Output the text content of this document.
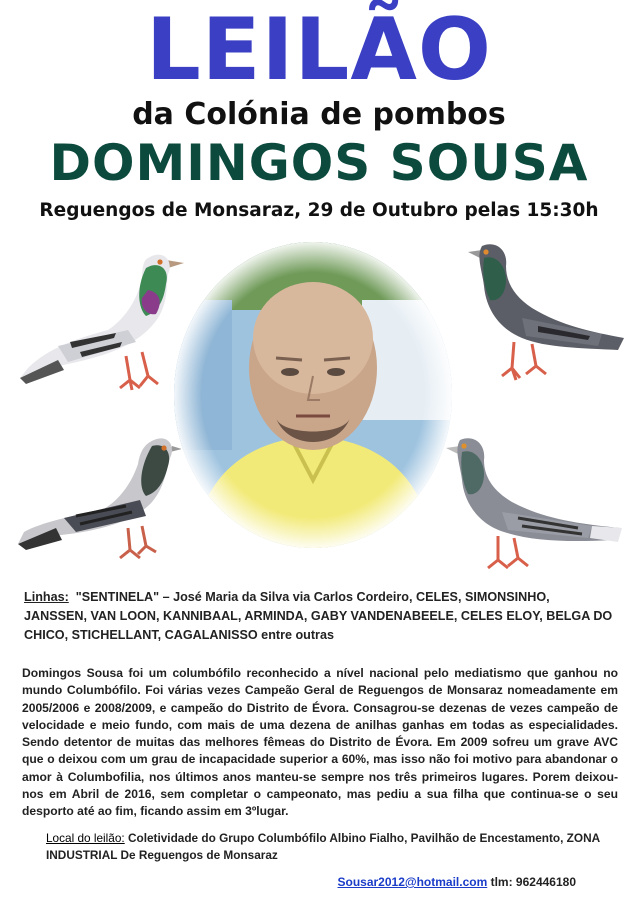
LEILÃO
da Colónia de pombos
DOMINGOS SOUSA
Reguengos de Monsaraz, 29 de Outubro pelas 15:30h
Linhas: "SENTINELA" – José Maria da Silva via Carlos Cordeiro, CELES, SIMONSINHO, JANSSEN, VAN LOON, KANNIBAAL, ARMINDA, GABY VANDENABEELE, CELES ELOY, BELGA DO CHICO, STICHELLANT, CAGALANISSO entre outras
Domingos Sousa foi um columbófilo reconhecido a nível nacional pelo mediatismo que ganhou no mundo Columbófilo. Foi várias vezes Campeão Geral de Reguengos de Monsaraz nomeadamente em 2005/2006 e 2008/2009, e campeão do Distrito de Évora. Consagrou-se dezenas de vezes campeão de velocidade e meio fundo, com mais de uma dezena de anilhas ganhas em todas as especialidades. Sendo detentor de muitas das melhores fêmeas do Distrito de Évora. Em 2009 sofreu um grave AVC que o deixou com um grau de incapacidade superior a 60%, mas isso não foi motivo para abandonar o amor à Columbofilia, nos últimos anos manteu-se sempre nos três primeiros lugares. Porem deixou-nos em Abril de 2016, sem completar o campeonato, mas pediu a sua filha que continua-se o seu desporto até ao fim, ficando assim em 3ºlugar.
Local do leilão: Coletividade do Grupo Columbófilo Albino Fialho, Pavilhão de Encestamento, ZONA INDUSTRIAL De Reguengos de Monsaraz
Sousar2012@hotmail.com tlm: 962446180
